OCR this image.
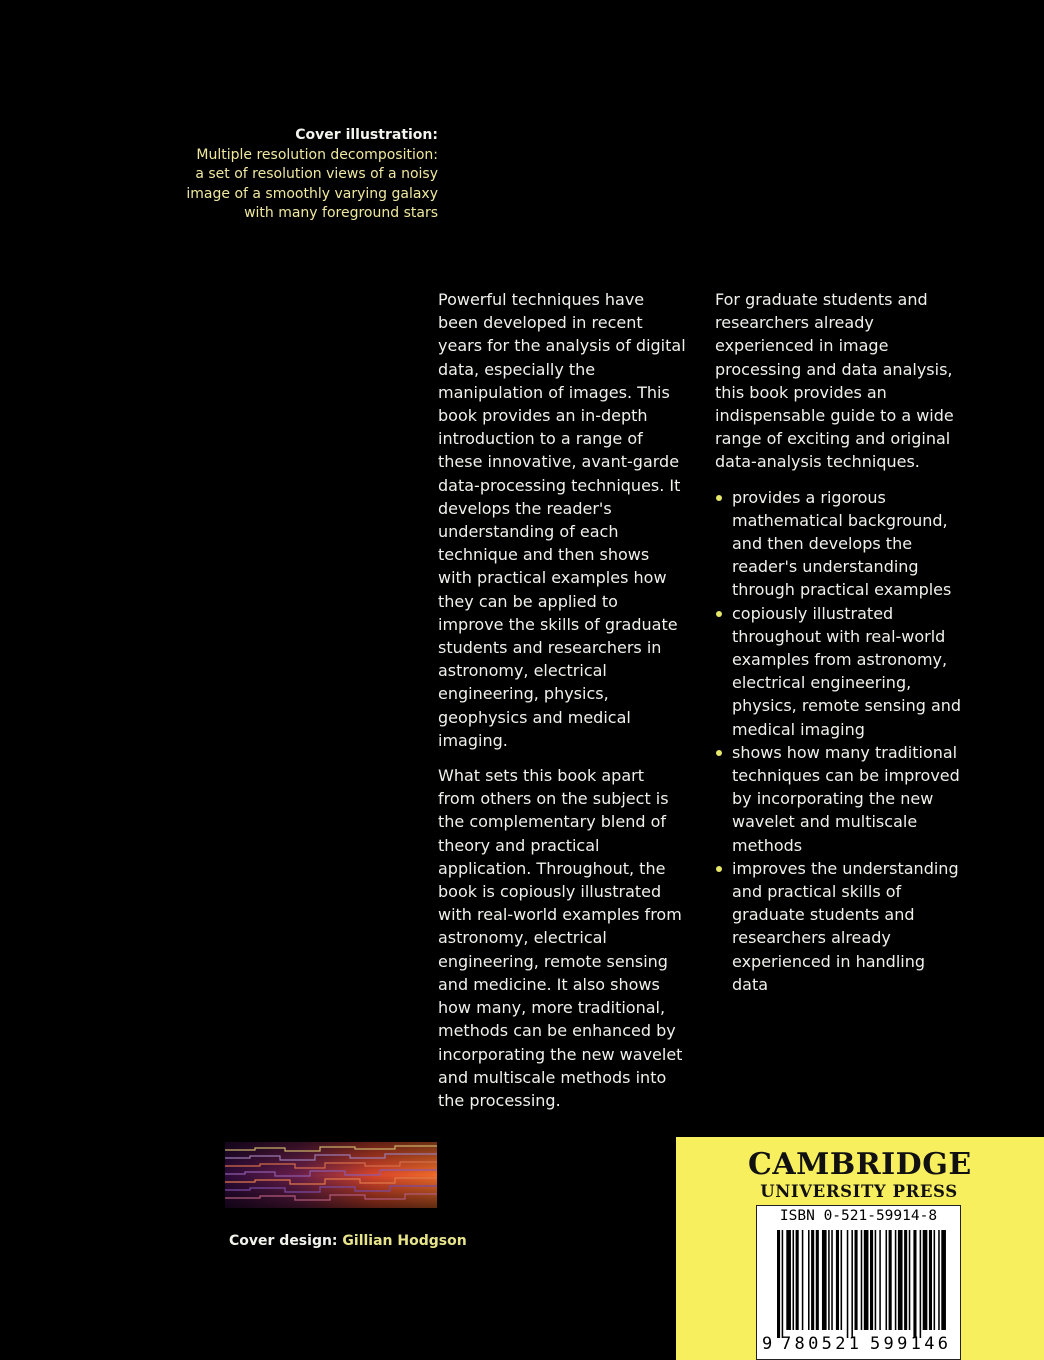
Cover illustration:
Multiple resolution decomposition:
a set of resolution views of a noisy
image of a smoothly varying galaxy
with many foreground stars

Powerful techniques have been developed in recent years for the analysis of digital data, especially the manipulation of images. This book provides an in-depth introduction to a range of these innovative, avant-garde data-processing techniques. It develops the reader's understanding of each technique and then shows with practical examples how they can be applied to improve the skills of graduate students and researchers in astronomy, electrical engineering, physics, geophysics and medical imaging.

What sets this book apart from others on the subject is the complementary blend of theory and practical application. Throughout, the book is copiously illustrated with real-world examples from astronomy, electrical engineering, remote sensing and medicine. It also shows how many, more traditional, methods can be enhanced by incorporating the new wavelet and multiscale methods into the processing.

For graduate students and researchers already experienced in image processing and data analysis, this book provides an indispensable guide to a wide range of exciting and original data-analysis techniques.

provides a rigorous mathematical background, and then develops the reader's understanding through practical examples
copiously illustrated throughout with real-world examples from astronomy, electrical engineering, physics, remote sensing and medical imaging
shows how many traditional techniques can be improved by incorporating the new wavelet and multiscale methods
improves the understanding and practical skills of graduate students and researchers already experienced in handling data
Cover design: Gillian Hodgson
CAMBRIDGE
UNIVERSITY PRESS
9 780521 599146
ISBN 0-521-59914-8
